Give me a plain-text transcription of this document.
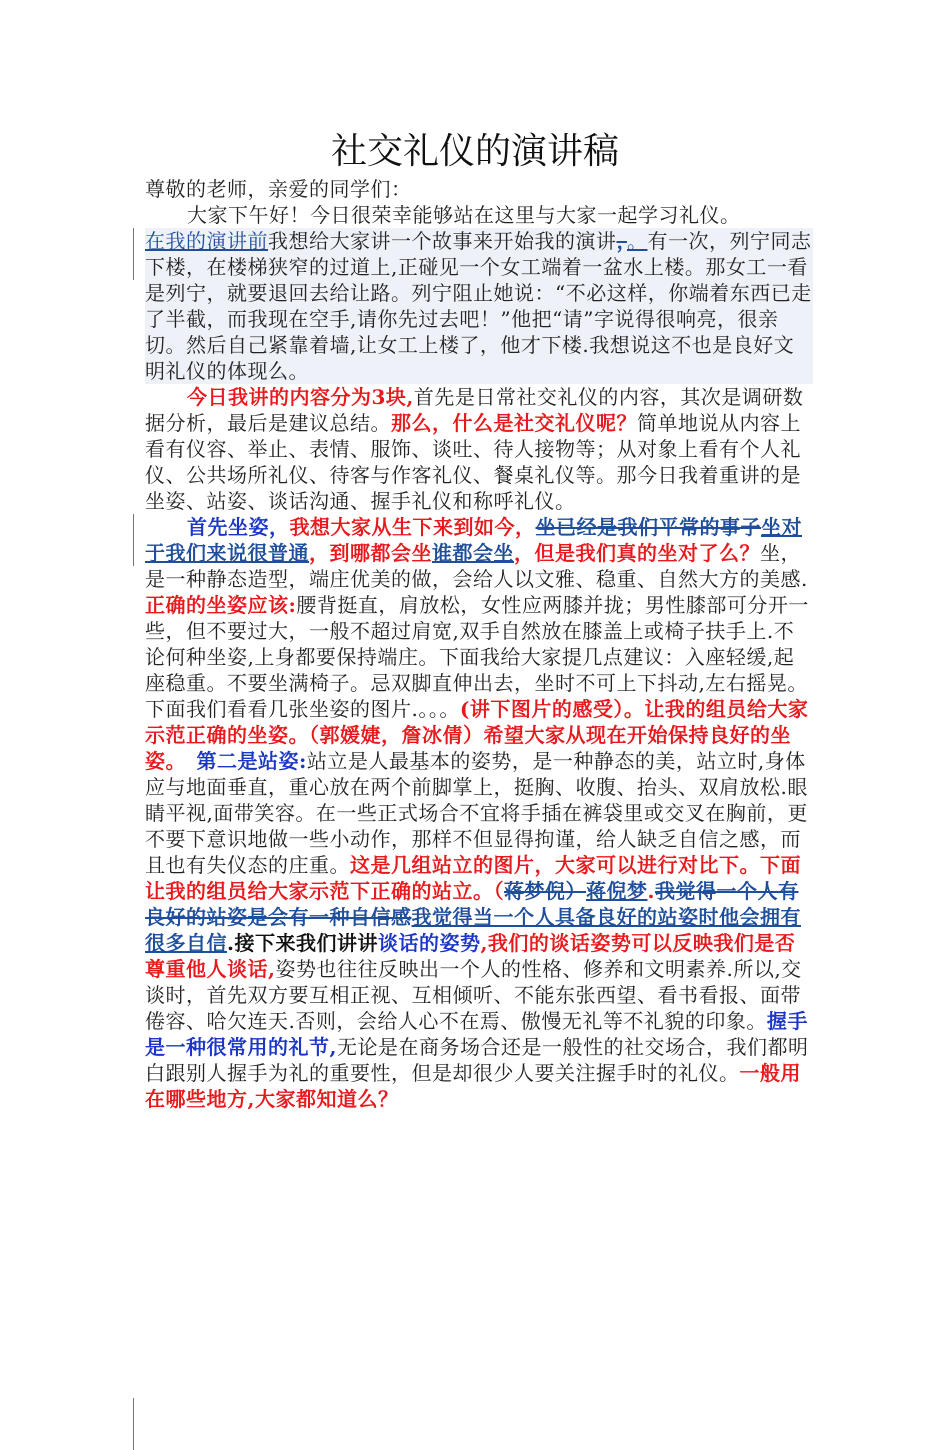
社交礼仪的演讲稿

尊敬的老师，亲爱的同学们：

大家下午好！今日很荣幸能够站在这里与大家一起学习礼仪。

在我的演讲前我想给大家讲一个故事来开始我的演讲，。有一次，列宁同志下楼，在楼梯狭窄的过道上,正碰见一个女工端着一盆水上楼。那女工一看是列宁，就要退回去给让路。列宁阻止她说：“不必这样，你端着东西已走了半截，而我现在空手,请你先过去吧！”他把“请”字说得很响亮，很亲切。然后自己紧靠着墙,让女工上楼了，他才下楼.我想说这不也是良好文明礼仪的体现么。

今日我讲的内容分为3块,首先是日常社交礼仪的内容，其次是调研数据分析，最后是建议总结。那么，什么是社交礼仪呢？简单地说从内容上看有仪容、举止、表情、服饰、谈吐、待人接物等；从对象上看有个人礼仪、公共场所礼仪、待客与作客礼仪、餐桌礼仪等。那今日我着重讲的是坐姿、站姿、谈话沟通、握手礼仪和称呼礼仪。

首先坐姿，我想大家从生下来到如今，坐已经是我们平常的事子坐对于我们来说很普通，到哪都会坐谁都会坐，但是我们真的坐对了么？坐，是一种静态造型，端庄优美的做，会给人以文雅、稳重、自然大方的美感.

正确的坐姿应该:腰背挺直，肩放松，女性应两膝并拢；男性膝部可分开一些，但不要过大，一般不超过肩宽,双手自然放在膝盖上或椅子扶手上.不论何种坐姿,上身都要保持端庄。下面我给大家提几点建议：入座轻缓,起座稳重。不要坐满椅子。忌双脚直伸出去，坐时不可上下抖动,左右摇晃。下面我们看看几张坐姿的图片.。。。(讲下图片的感受）。让我的组员给大家示范正确的坐姿。（郭媛婕，詹冰倩）希望大家从现在开始保持良好的坐姿。　 第二是站姿:站立是人最基本的姿势，是一种静态的美，站立时,身体应与地面垂直，重心放在两个前脚掌上，挺胸、收腹、抬头、双肩放松.眼睛平视,面带笑容。在一些正式场合不宜将手插在裤袋里或交叉在胸前，更不要下意识地做一些小动作，那样不但显得拘谨，给人缺乏自信之感，而且也有失仪态的庄重。这是几组站立的图片，大家可以进行对比下。下面让我的组员给大家示范下正确的站立。（蒋梦倪）蒋倪梦.我觉得一个人有良好的站姿是会有一种自信感我觉得当一个人具备良好的站姿时他会拥有很多自信.接下来我们讲讲谈话的姿势,我们的谈话姿势可以反映我们是否尊重他人谈话,姿势也往往反映出一个人的性格、修养和文明素养.所以,交谈时，首先双方要互相正视、互相倾听、不能东张西望、看书看报、面带倦容、哈欠连天.否则，会给人心不在焉、傲慢无礼等不礼貌的印象。握手是一种很常用的礼节,无论是在商务场合还是一般性的社交场合，我们都明白跟别人握手为礼的重要性，但是却很少人要关注握手时的礼仪。一般用在哪些地方,大家都知道么？
